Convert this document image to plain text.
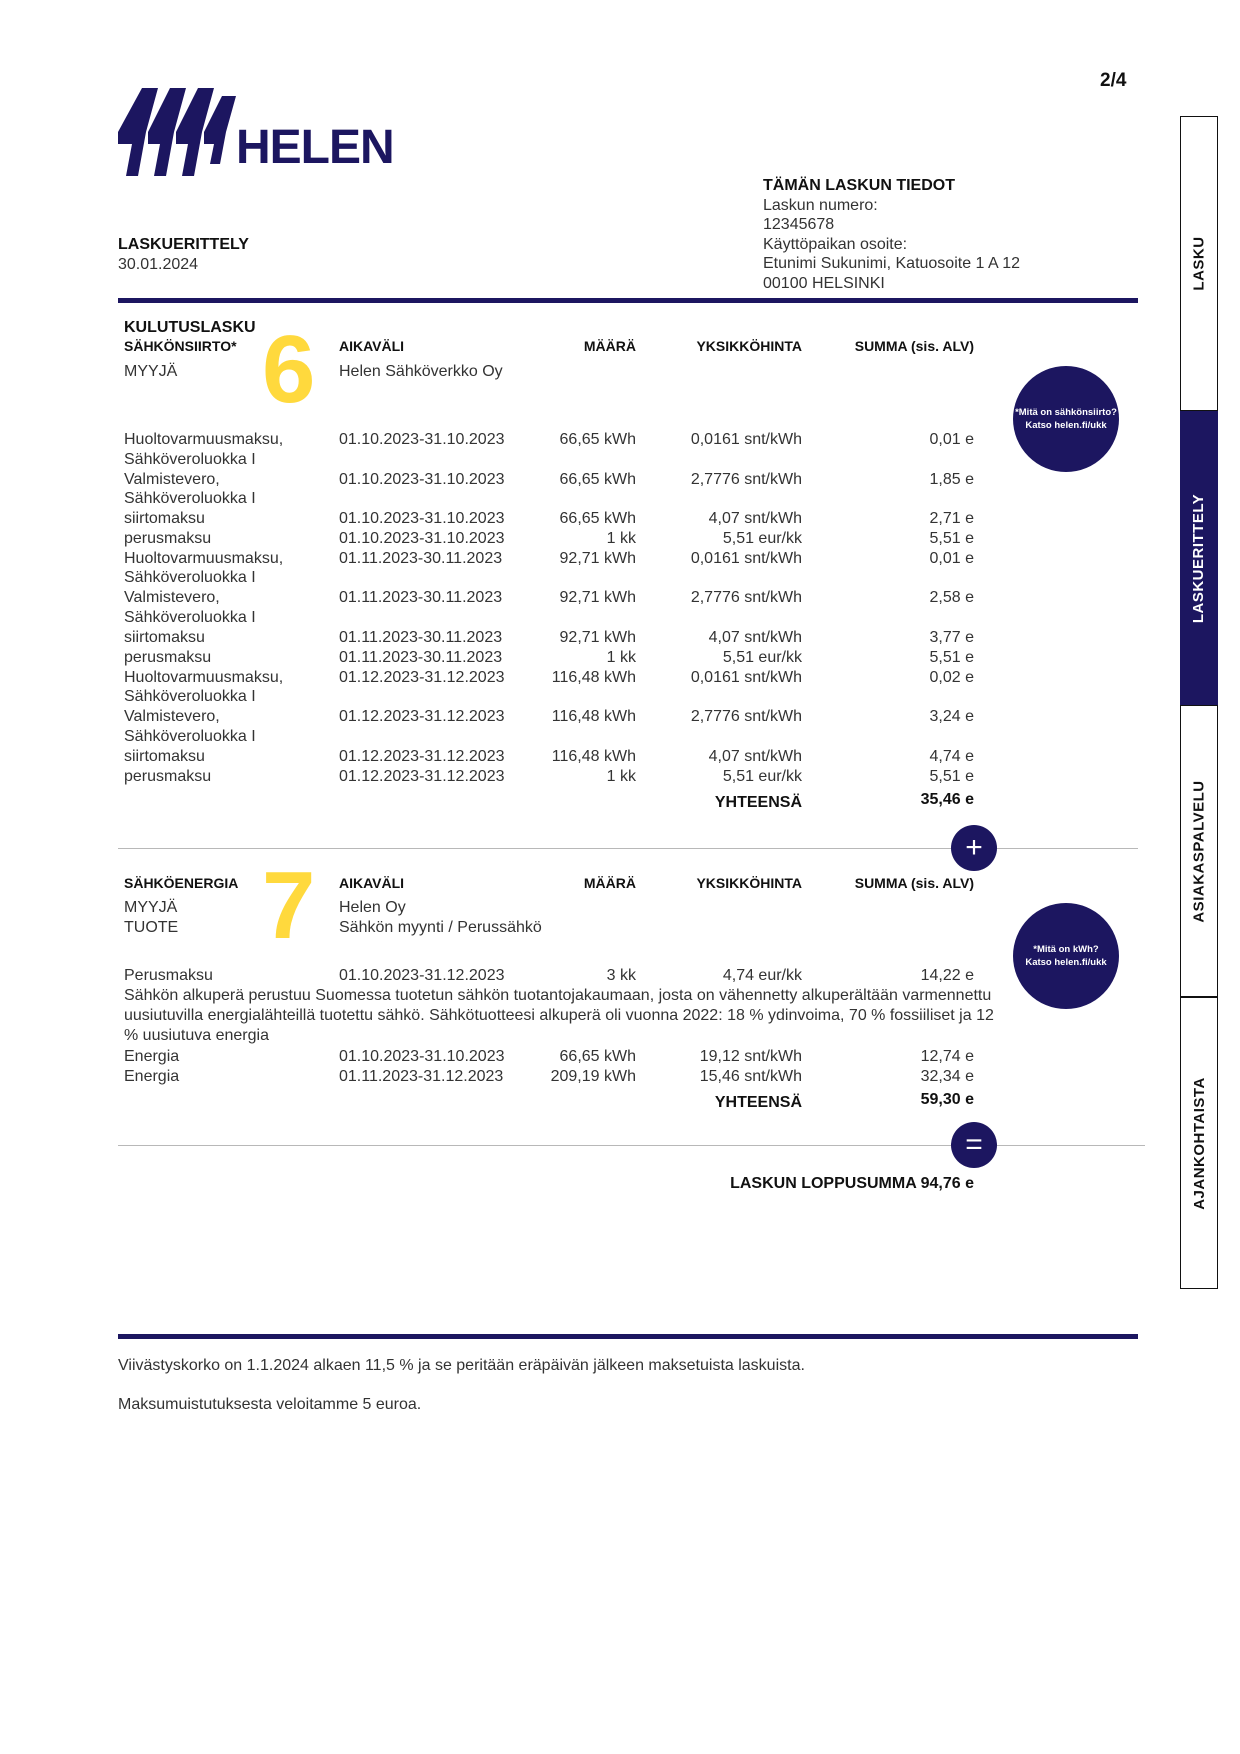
2/4
HELEN
LASKUERITTELY
30.01.2024
TÄMÄN LASKUN TIEDOT
Laskun numero:
12345678
Käyttöpaikan osoite:
Etunimi Sukunimi, Katuosoite 1 A 12
00100 HELSINKI
KULUTUSLASKU
SÄHKÖNSIIRTO* 6 AIKAVÄLI	MÄÄRÄ	YKSIKKÖHINTA	SUMMA (sis. ALV)
MYYJÄ	Helen Sähköverkko Oy
*Mitä on sähkönsiirto?
Katso helen.fi/ukk
Huoltovarmuusmaksu,
Sähköveroluokka I
01.10.2023-31.10.2023	66,65 kWh	0,0161 snt/kWh	0,01 e
Valmistevero,
Sähköveroluokka I
01.10.2023-31.10.2023	66,65 kWh	2,7776 snt/kWh	1,85 e
siirtomaksu	01.10.2023-31.10.2023	66,65 kWh	4,07 snt/kWh	2,71 e
perusmaksu	01.10.2023-31.10.2023	1 kk	5,51 eur/kk	5,51 e
Huoltovarmuusmaksu,
Sähköveroluokka I
01.11.2023-30.11.2023	92,71 kWh	0,0161 snt/kWh	0,01 e
Valmistevero,
Sähköveroluokka I
01.11.2023-30.11.2023	92,71 kWh	2,7776 snt/kWh	2,58 e
siirtomaksu	01.11.2023-30.11.2023	92,71 kWh	4,07 snt/kWh	3,77 e
perusmaksu	01.11.2023-30.11.2023	1 kk	5,51 eur/kk	5,51 e
Huoltovarmuusmaksu,
Sähköveroluokka I
01.12.2023-31.12.2023	116,48 kWh	0,0161 snt/kWh	0,02 e
Valmistevero,
Sähköveroluokka I
01.12.2023-31.12.2023	116,48 kWh	2,7776 snt/kWh	3,24 e
siirtomaksu	01.12.2023-31.12.2023	116,48 kWh	4,07 snt/kWh	4,74 e
perusmaksu	01.12.2023-31.12.2023	1 kk	5,51 eur/kk	5,51 e
YHTEENSÄ	35,46 e
+
SÄHKÖENERGIA 7 AIKAVÄLI	MÄÄRÄ	YKSIKKÖHINTA	SUMMA (sis. ALV)
MYYJÄ	Helen Oy
TUOTE	Sähkön myynti / Perussähkö
*Mitä on kWh?
Katso helen.fi/ukk
Perusmaksu	01.10.2023-31.12.2023	3 kk	4,74 eur/kk	14,22 e
Sähkön alkuperä perustuu Suomessa tuotetun sähkön tuotantojakaumaan, josta on vähennetty alkuperältään varmennettu
uusiutuvilla energialähteillä tuotettu sähkö. Sähkötuotteesi alkuperä oli vuonna 2022: 18 % ydinvoima, 70 % fossiiliset ja 12
% uusiutuva energia
Energia	01.10.2023-31.10.2023	66,65 kWh	19,12 snt/kWh	12,74 e
Energia	01.11.2023-31.12.2023	209,19 kWh	15,46 snt/kWh	32,34 e
YHTEENSÄ	59,30 e
=
LASKUN LOPPUSUMMA 94,76 e
Viivästyskorko on 1.1.2024 alkaen 11,5 % ja se peritään eräpäivän jälkeen maksetuista laskuista.
Maksumuistutuksesta veloitamme 5 euroa.
LASKU
LASKUERITTELY
ASIAKASPALVELU
AJANKOHTAISTA
